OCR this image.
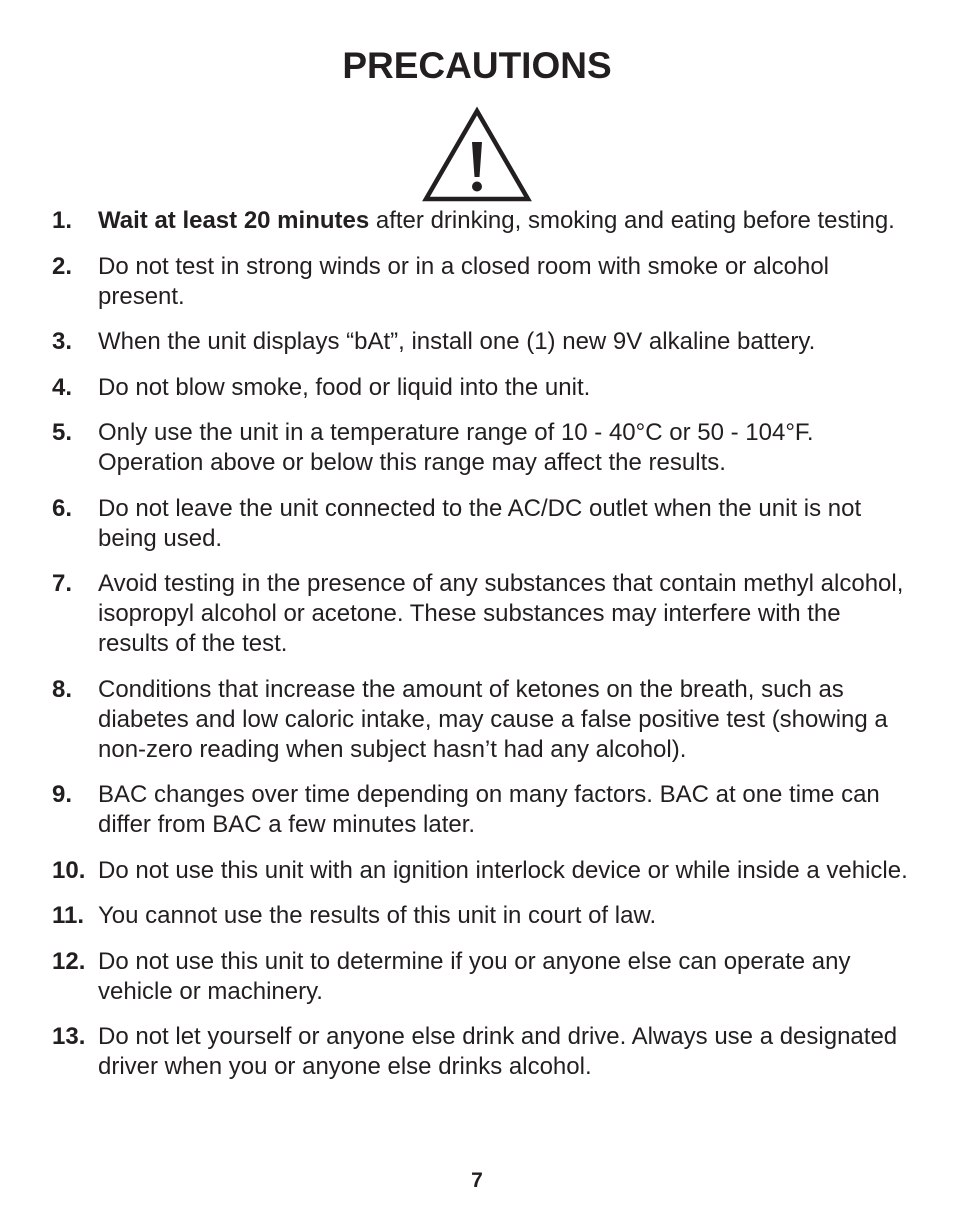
PRECAUTIONS
1.	Wait at least 20 minutes after drinking, smoking and eating before testing.
2.	Do not test in strong winds or in a closed room with smoke or alcohol present.
3.	When the unit displays “bAt”, install one (1) new 9V alkaline battery.
4.	Do not blow smoke, food or liquid into the unit.
5.	Only use the unit in a temperature range of 10 - 40°C or 50 - 104°F. Operation above or below this range may affect the results.
6.	Do not leave the unit connected to the AC/DC outlet when the unit is not being used.
7.	Avoid testing in the presence of any substances that contain methyl alcohol, isopropyl alcohol or acetone. These substances may interfere with the results of the test.
8.	Conditions that increase the amount of ketones on the breath, such as diabetes and low caloric intake, may cause a false positive test (showing a non-zero reading when subject hasn’t had any alcohol).
9.	BAC changes over time depending on many factors. BAC at one time can differ from BAC a few minutes later.
10. Do not use this unit with an ignition interlock device or while inside a vehicle.
11. You cannot use the results of this unit in court of law.
12. Do not use this unit to determine if you or anyone else can operate any vehicle or machinery.
13. Do not let yourself or anyone else drink and drive. Always use a designated driver when you or anyone else drinks alcohol.
7
